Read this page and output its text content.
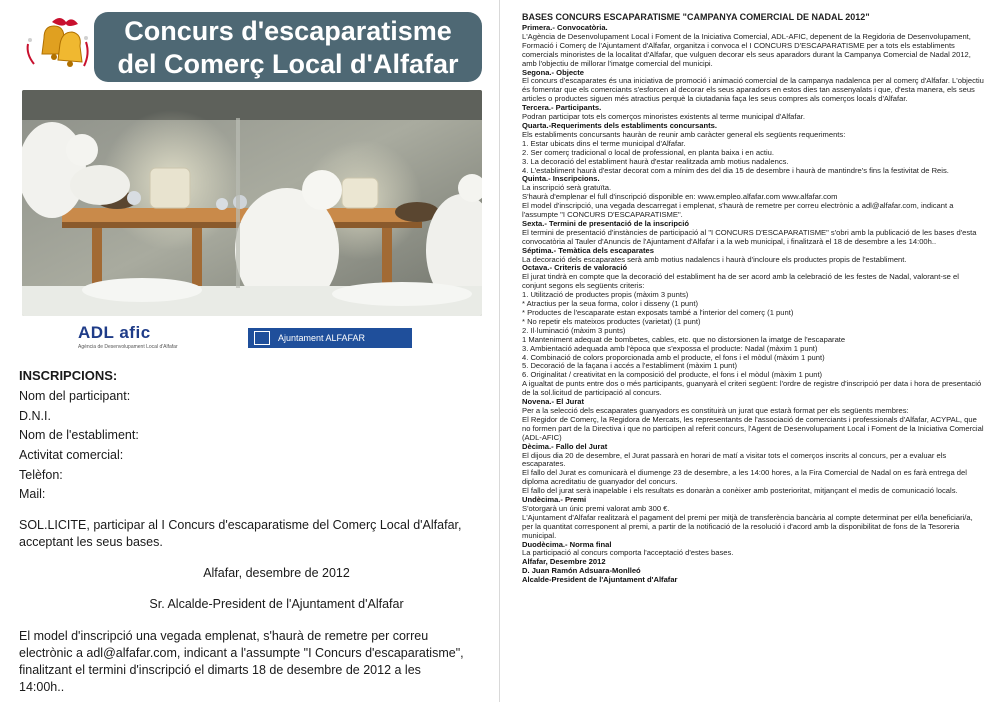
Concurs d'escaparatisme
del Comerç Local d'Alfafar
ADL afic
Agència de Desenvolupament Local d'Alfafar
Ajuntament ALFAFAR
INSCRIPCIONS:
Nom del participant:
D.N.I.
Nom de l'establiment:
Activitat comercial:
Telèfon:
Mail:
SOL.LICITE, participar al I Concurs d'escaparatisme del Comerç Local d'Alfafar, acceptant les seus bases.
Alfafar, desembre de 2012
Sr. Alcalde-President de l'Ajuntament d'Alfafar
El model d'inscripció una vegada emplenat, s'haurà de remetre per correu electrònic a adl@alfafar.com, indicant a l'assumpte "I Concurs d'escaparatisme", finalitzant el termini d'inscripció el dimarts 18 de desembre de 2012 a les 14:00h..
BASES CONCURS ESCAPARATISME "CAMPANYA COMERCIAL DE NADAL 2012"

Primera.- Convocatòria.

L'Agència de Desenvolupament Local i Foment de la Iniciativa Comercial, ADL-AFIC, depenent de la Regidoria de Desenvolupament, Formació i Comerç de l'Ajuntament d'Alfafar, organitza i convoca el I CONCURS D'ESCAPARATISME per a tots els establiments comercials minoristes de la localitat d'Alfafar, que vulguen decorar els seus aparadors durant la Campanya Comercial de Nadal 2012, amb l'objectiu de millorar l'imatge comercial del municipi.

Segona.- Objecte

El concurs d'escaparates és una iniciativa de promoció i animació comercial de la campanya nadalenca per al comerç d'Alfafar. L'objectiu és fomentar que els comerciants s'esforcen al decorar els seus aparadors en estos dies tan assenyalats i que, d'esta manera, els seus articles o productes siguen més atractius perquè la ciutadania faça les seus compres als comerços locals d'Alfafar.

Tercera.- Participants.

Podran participar tots els comerços minoristes existents al terme municipal d'Alfafar.

Quarta.-Requeriments dels establiments concursants.

Els establiments concursants hauràn de reunir amb caràcter general els següents requeriments:

1. Estar ubicats dins el terme municipal d'Alfafar.

2. Ser comerç tradicional o local de professional, en planta baixa i en actiu.

3. La decoració del establiment haurà d'estar realitzada amb motius nadalencs.

4. L'establiment haurà d'estar decorat com a mínim des del dia 15 de desembre i haurà de mantindre's fins la festivitat de Reis.

Quinta.- Inscripcions.

La inscripció serà gratuïta.

S'haurà d'emplenar el full d'inscripció disponible en: www.empleo.alfafar.com www.alfafar.com

El model d'inscripció, una vegada descarregat i emplenat, s'haurà de remetre per correu electrònic a adl@alfafar.com, indicant a l'assumpte "I CONCURS D'ESCAPARATISME".

Sexta.- Termini de presentació de la inscripció

El termini de presentació d'instàncies de participació al "I CONCURS D'ESCAPARATISME" s'obri amb la publicació de les bases d'esta convocatòria al Tauler d'Anuncis de l'Ajuntament d'Alfafar i a la web municipal, i finalitzarà el 18 de desembre a les 14:00h..

Séptima.- Temàtica dels escaparates

La decoració dels escaparates serà amb motius nadalencs i haurà d'incloure els productes propis de l'establiment.

Octava.- Criteris de valoració

El jurat tindrà en compte que la decoració del establiment ha de ser acord amb la celebració de les festes de Nadal, valorant-se el conjunt segons els següents criteris:

1. Utilització de productes propis (màxim 3 punts)

* Atractius per la seua forma, color i disseny (1 punt)

* Productes de l'escaparate estan exposats també a l'interior del comerç (1 punt)

* No repetir els mateixos productes (varietat) (1 punt)

2. Il·luminació (màxim 3 punts)

1 Manteniment adequat de bombetes, cables, etc. que no distorsionen la imatge de l'escaparate

3. Ambientació adequada amb l'època que s'expossa el producte: Nadal (màxim 1 punt)

4. Combinació de colors proporcionada amb el producte, el fons i el mòdul (màxim 1 punt)

5. Decoració de la façana i accés a l'establiment (màxim 1 punt)

6. Originalitat / creativitat en la composició del producte, el fons i el mòdul (màxim 1 punt)

A igualtat de punts entre dos o més participants, guanyarà el criteri següent: l'ordre de registre d'inscripció per data i hora de presentació de la sol.licitud de participació al concurs.

Novena.- El Jurat

Per a la selecció dels escaparates guanyadors es constituirà un jurat que estarà format per els següents membres:

El Regidor de Comerç, la Regidora de Mercats, les representants de l'associació de comerciants i professionals d'Alfafar, ACYPAL, que no formen part de la Directiva i que no participen al referit concurs, l'Agent de Desenvolupament Local i Foment de la Iniciativa Comercial (ADL-AFIC)

Dècima.- Fallo del Jurat

El dijous dia 20 de desembre, el Jurat passarà en horari de matí a visitar tots el comerços inscrits al concurs, per a evaluar els escaparates.

El fallo del Jurat es comunicarà el diumenge 23 de desembre, a les 14:00 hores, a la Fira Comercial de Nadal on es farà entrega del diploma acreditatiu de guanyador del concurs.

El fallo del jurat serà inapelable i els resultats es donaràn a conèixer amb posterioritat, mitjançant el medis de comunicació locals.

Undècima.- Premi

S'otorgarà un únic premi valorat amb 300 €.

L'Ajuntament d'Alfafar realitzarà el pagament del premi per mitjà de transferència bancària al compte determinat per el/la beneficiari/a, per la quantitat corresponent al premi, a partir de la notificació de la resolució i d'acord amb la disponibilitat de fons de la Tesoreria municipal.

Duodècima.- Norma final

La participació al concurs comporta l'acceptació d'estes bases.

Alfafar, Desembre 2012

D. Juan Ramón Adsuara-Monlleó

Alcalde-President de l'Ajuntament d'Alfafar
